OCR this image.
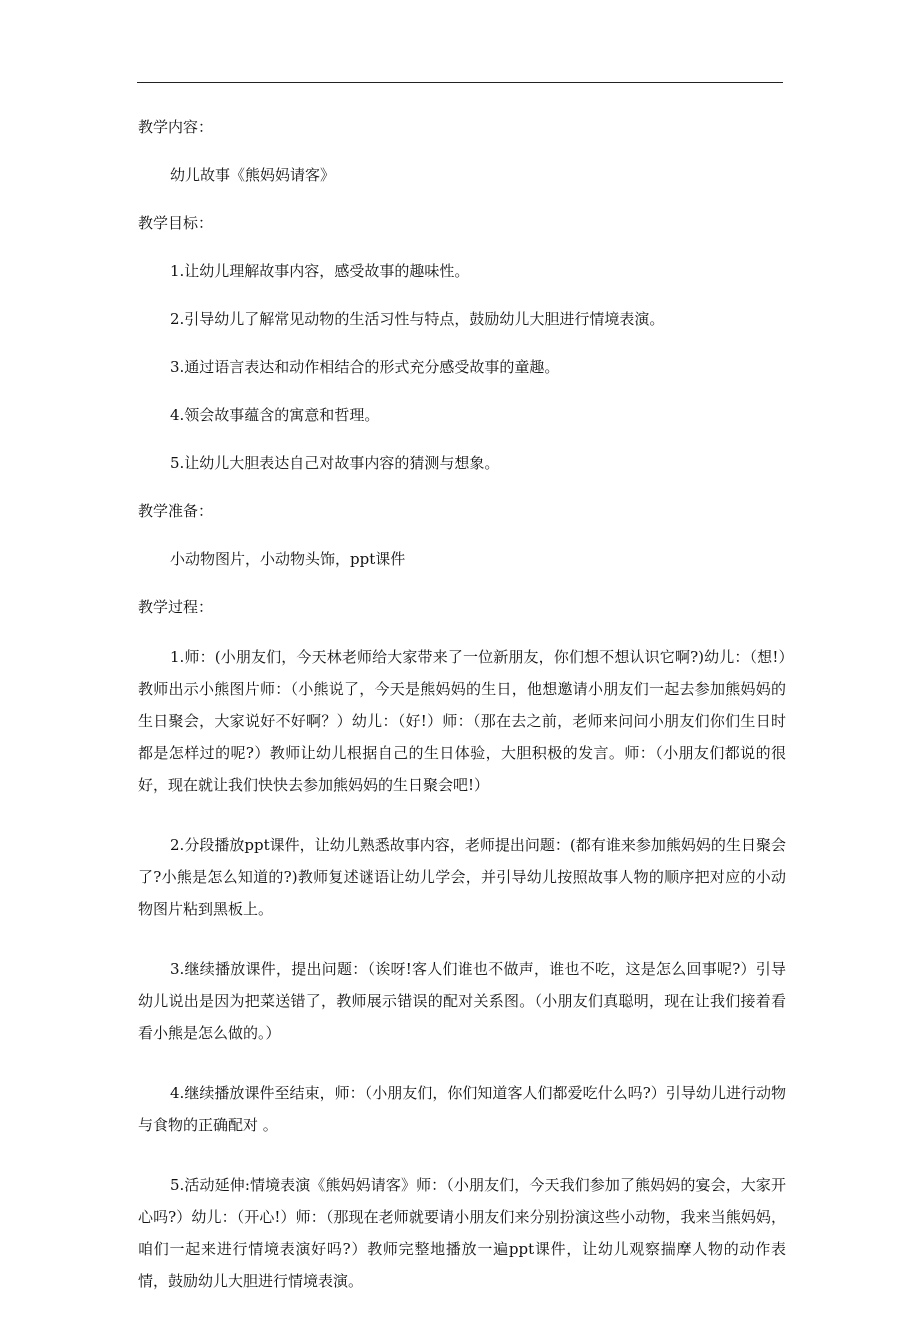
教学内容：

幼儿故事《熊妈妈请客》

教学目标：

1.让幼儿理解故事内容，感受故事的趣味性。

2.引导幼儿了解常见动物的生活习性与特点，鼓励幼儿大胆进行情境表演。

3.通过语言表达和动作相结合的形式充分感受故事的童趣。

4.领会故事蕴含的寓意和哲理。

5.让幼儿大胆表达自己对故事内容的猜测与想象。

教学准备：

小动物图片，小动物头饰，ppt课件

教学过程：

1.师：(小朋友们，今天林老师给大家带来了一位新朋友，你们想不想认识它啊?)幼儿：（想!）教师出示小熊图片师：（小熊说了，今天是熊妈妈的生日，他想邀请小朋友们一起去参加熊妈妈的生日聚会，大家说好不好啊？）幼儿：（好!）师：（那在去之前，老师来问问小朋友们你们生日时都是怎样过的呢?）教师让幼儿根据自己的生日体验，大胆积极的发言。师：（小朋友们都说的很好，现在就让我们快快去参加熊妈妈的生日聚会吧!）

2.分段播放ppt课件，让幼儿熟悉故事内容，老师提出问题：(都有谁来参加熊妈妈的生日聚会了?小熊是怎么知道的?)教师复述谜语让幼儿学会，并引导幼儿按照故事人物的顺序把对应的小动物图片粘到黑板上。

3.继续播放课件，提出问题：（诶呀!客人们谁也不做声，谁也不吃，这是怎么回事呢?）引导幼儿说出是因为把菜送错了，教师展示错误的配对关系图。（小朋友们真聪明，现在让我们接着看看小熊是怎么做的。）

4.继续播放课件至结束，师：（小朋友们，你们知道客人们都爱吃什么吗?）引导幼儿进行动物与食物的正确配对 。

5.活动延伸:情境表演《熊妈妈请客》师：（小朋友们，今天我们参加了熊妈妈的宴会，大家开心吗?）幼儿：（开心!）师：（那现在老师就要请小朋友们来分别扮演这些小动物，我来当熊妈妈，咱们一起来进行情境表演好吗?）教师完整地播放一遍ppt课件，让幼儿观察揣摩人物的动作表情，鼓励幼儿大胆进行情境表演。
